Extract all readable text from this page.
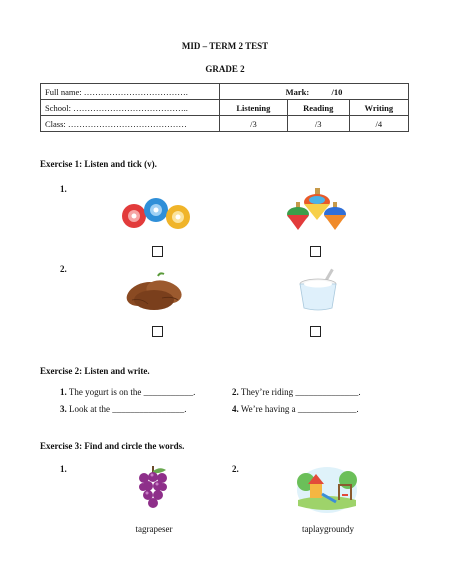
MID – TERM 2 TEST
GRADE 2
Full name: ……………………………….	Mark: /10		
School: …………………………………..	Listening	Reading	Writing
Class: ……………………………………	/3	/3	/4
Exercise 1: Listen and tick (v).
1.
2.
Exercise 2: Listen and write.
1. The yogurt is on the ___________.	2. They’re riding ______________.
3. Look at the ________________.	4. We’re having a _____________.
Exercise 3: Find and circle the words.
1.	2.
tagrapeser	taplaygroundy
